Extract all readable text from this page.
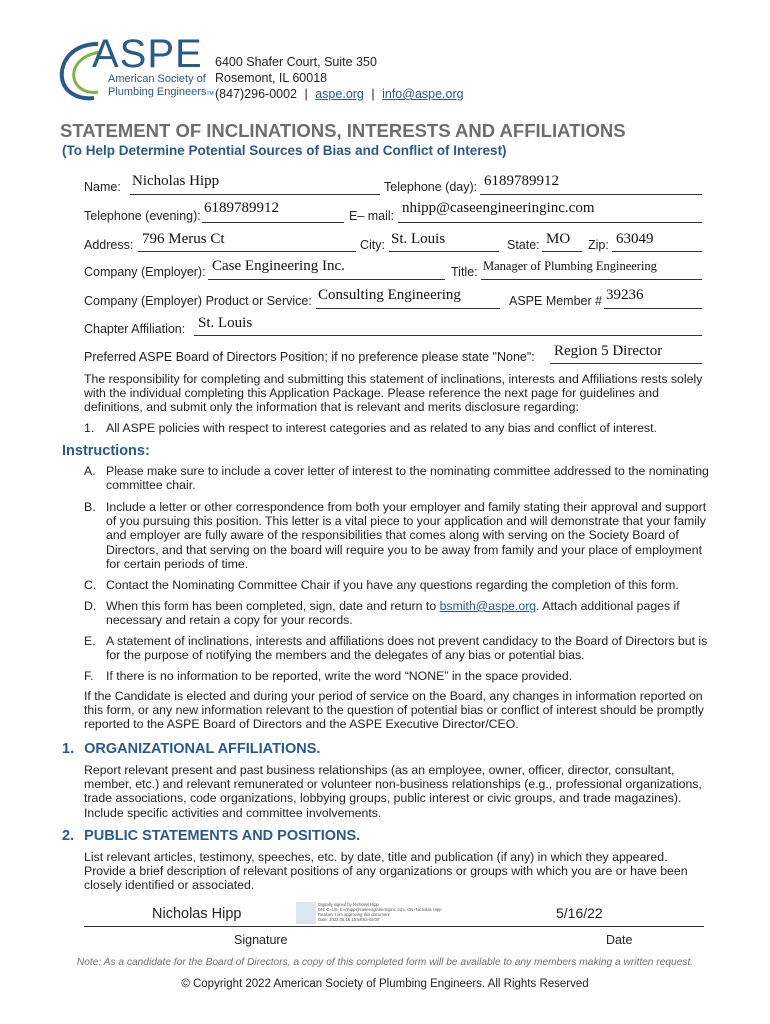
ASPE
American Society of
Plumbing EngineersTM
6400 Shafer Court, Suite 350
Rosemont, IL 60018
(847)296-0002 | aspe.org | info@aspe.org
STATEMENT OF INCLINATIONS, INTERESTS AND AFFILIATIONS
(To Help Determine Potential Sources of Bias and Conflict of Interest)
Name: Nicholas Hipp	Telephone (day): 6189789912
Telephone (evening): 6189789912	E– mail: nhipp@caseengineeringinc.com
Address: 796 Merus Ct	City: St. Louis	State: MO Zip: 63049
Company (Employer): Case Engineering Inc.	Title: Manager of Plumbing Engineering
Company (Employer) Product or Service: Consulting Engineering	ASPE Member # 39236
Chapter Affiliation: St. Louis
Preferred ASPE Board of Directors Position; if no preference please state "None": Region 5 Director
The responsibility for completing and submitting this statement of inclinations, interests and Affiliations rests solely with the individual completing this Application Package. Please reference the next page for guidelines and definitions, and submit only the information that is relevant and merits disclosure regarding:
1. All ASPE policies with respect to interest categories and as related to any bias and conflict of interest.
Instructions:
A. Please make sure to include a cover letter of interest to the nominating committee addressed to the nominating committee chair.
B. Include a letter or other correspondence from both your employer and family stating their approval and support of you pursuing this position. This letter is a vital piece to your application and will demonstrate that your family and employer are fully aware of the responsibilities that comes along with serving on the Society Board of Directors, and that serving on the board will require you to be away from family and your place of employment for certain periods of time.
C. Contact the Nominating Committee Chair if you have any questions regarding the completion of this form.
D. When this form has been completed, sign, date and return to bsmith@aspe.org. Attach additional pages if necessary and retain a copy for your records.
E. A statement of inclinations, interests and affiliations does not prevent candidacy to the Board of Directors but is for the purpose of notifying the members and the delegates of any bias or potential bias.
F. If there is no information to be reported, write the word “NONE” in the space provided.
If the Candidate is elected and during your period of service on the Board, any changes in information reported on this form, or any new information relevant to the question of potential bias or conflict of interest should be promptly reported to the ASPE Board of Directors and the ASPE Executive Director/CEO.
1. ORGANIZATIONAL AFFILIATIONS.
Report relevant present and past business relationships (as an employee, owner, officer, director, consultant, member, etc.) and relevant remunerated or volunteer non-business relationships (e.g., professional organizations, trade associations, code organizations, lobbying groups, public interest or civic groups, and trade magazines). Include specific activities and committee involvements.
2. PUBLIC STATEMENTS AND POSITIONS.
List relevant articles, testimony, speeches, etc. by date, title and publication (if any) in which they appeared. Provide a brief description of relevant positions of any organizations or groups with which you are or have been closely identified or associated.
Nicholas Hipp
Digitally signed by Nicholas Hipp
DN: C=US, E=nhipp@caseengineeringinc.com, CN=Nicholas Hipp
Reason: I am approving this document
Date: 2022.05.16 15:58:53-05'00'	5/16/22
Signature	Date
Note: As a candidate for the Board of Directors, a copy of this completed form will be available to any members making a written request.
© Copyright 2022 American Society of Plumbing Engineers. All Rights Reserved
